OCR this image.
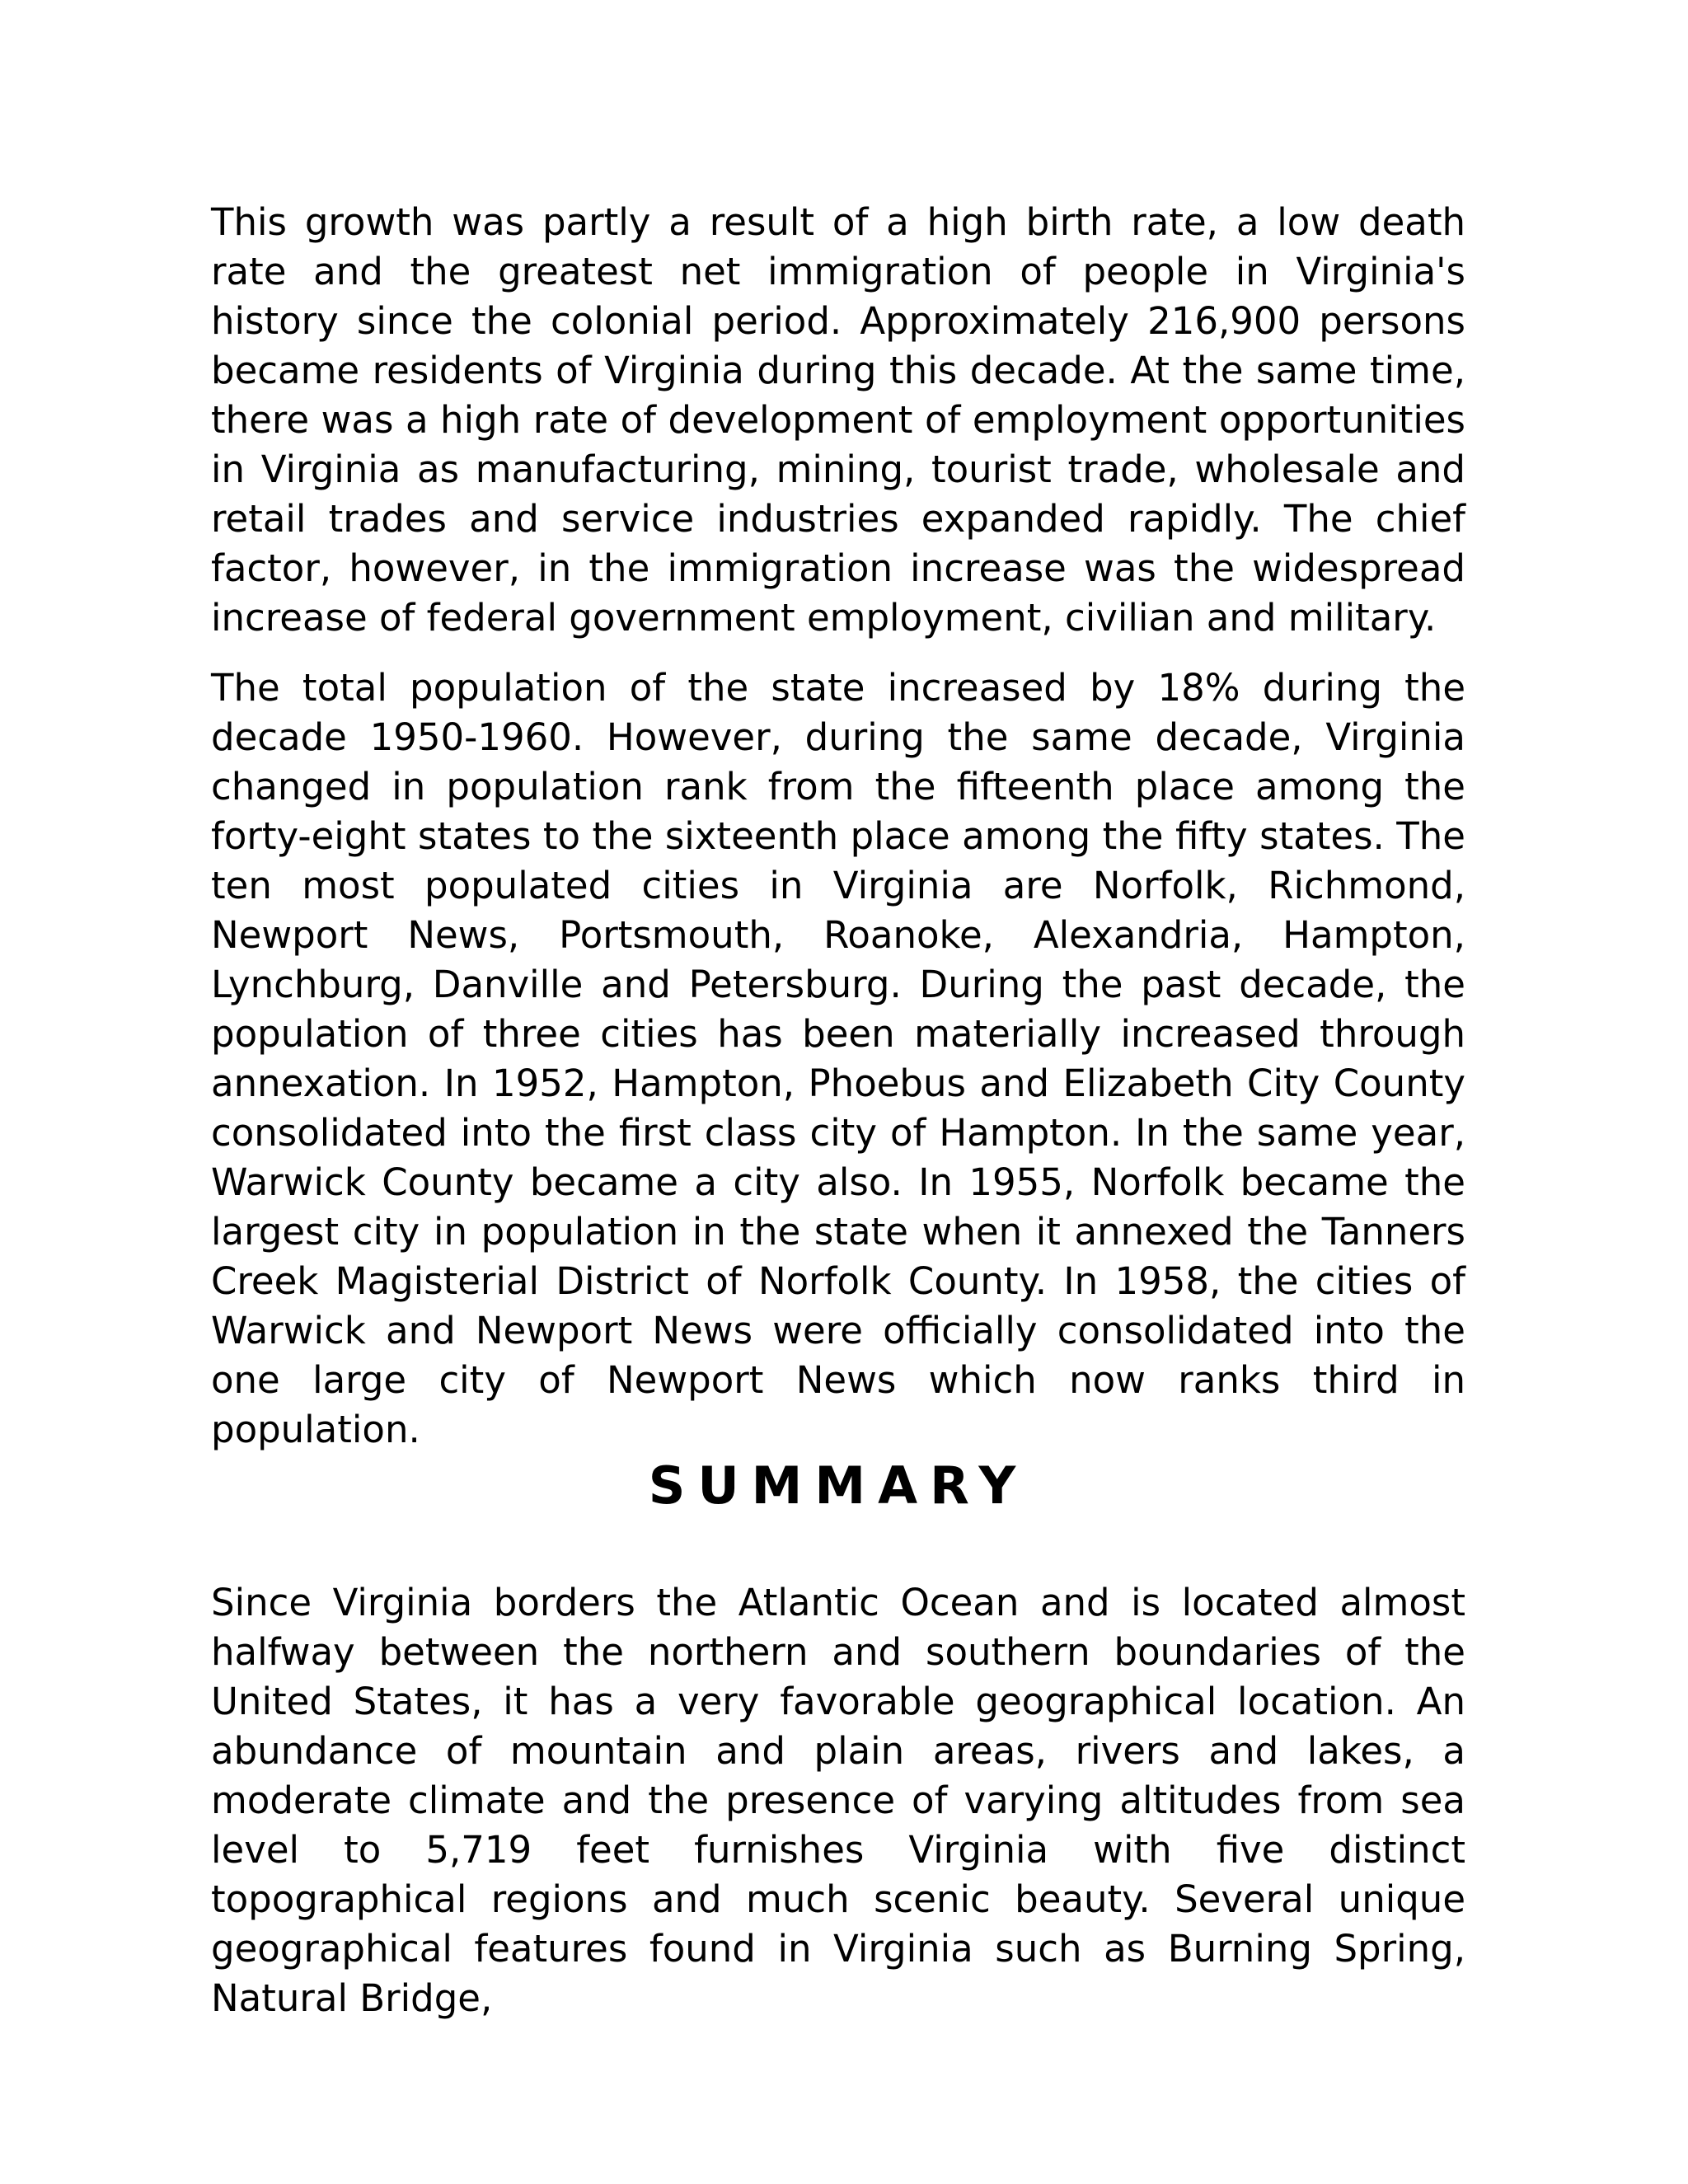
This growth was partly a result of a high birth rate, a low death rate and the greatest net immigration of people in Virginia's history since the colonial period. Approximately 216,900 persons became residents of Virginia during this decade. At the same time, there was a high rate of development of employment opportunities in Virginia as manufacturing, mining, tourist trade, wholesale and retail trades and service industries expanded rapidly. The chief factor, however, in the immigration increase was the widespread increase of federal government employment, civilian and military.

The total population of the state increased by 18% during the decade 1950-1960. However, during the same decade, Virginia changed in population rank from the fifteenth place among the forty-eight states to the sixteenth place among the fifty states. The ten most populated cities in Virginia are Norfolk, Richmond, Newport News, Portsmouth, Roanoke, Alexandria, Hampton, Lynchburg, Danville and Petersburg. During the past decade, the population of three cities has been materially increased through annexation. In 1952, Hampton, Phoebus and Elizabeth City County consolidated into the first class city of Hampton. In the same year, Warwick County became a city also. In 1955, Norfolk became the largest city in population in the state when it annexed the Tanners Creek Magisterial District of Norfolk County. In 1958, the cities of Warwick and Newport News were officially consolidated into the one large city of Newport News which now ranks third in population.

SUMMARY

Since Virginia borders the Atlantic Ocean and is located almost halfway between the northern and southern boundaries of the United States, it has a very favorable geographical location. An abundance of mountain and plain areas, rivers and lakes, a moderate climate and the presence of varying altitudes from sea level to 5,719 feet furnishes Virginia with five distinct topographical regions and much scenic beauty. Several unique geographical features found in Virginia such as Burning Spring, Natural Bridge,
